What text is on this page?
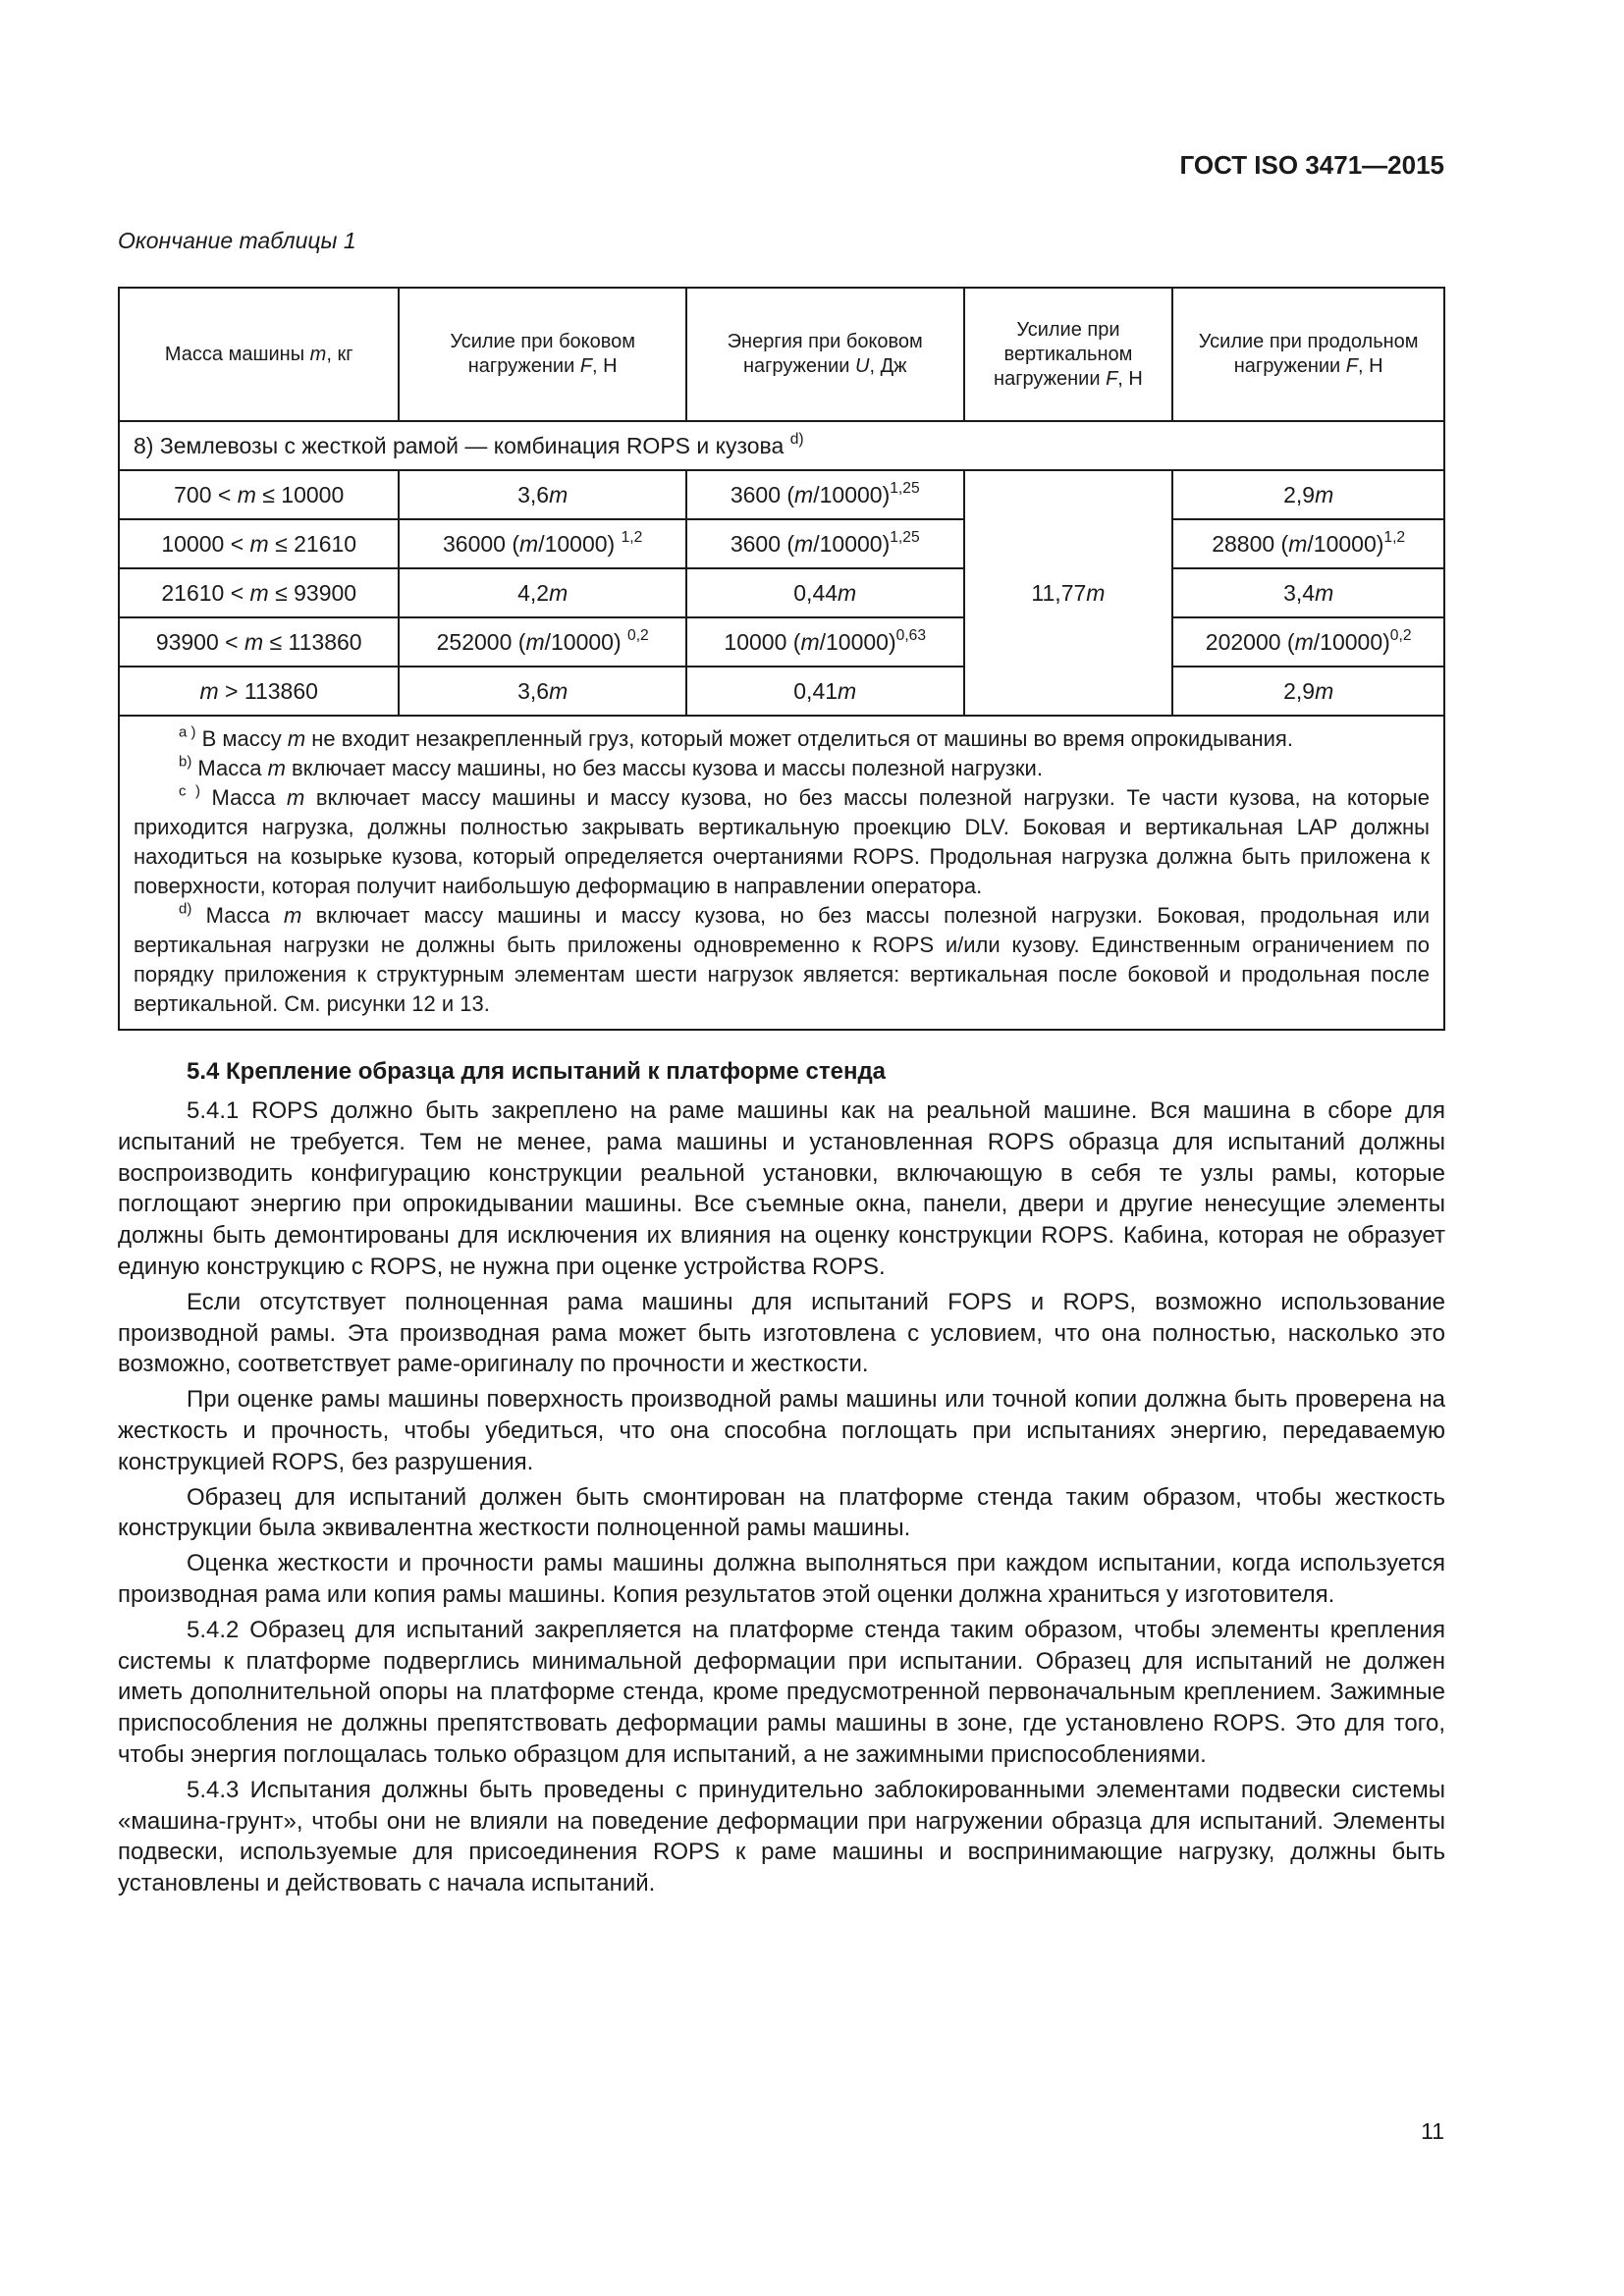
ГОСТ ISO 3471—2015
Окончание таблицы 1
Масса машины m, кг	Усилие при боковом нагружении F, Н	Энергия при боковом нагружении U, Дж	Усилие при вертикальном нагружении F, Н	Усилие при продольном нагружении F, Н
8) Землевозы с жесткой рамой — комбинация ROPS и кузова $^{d)}$
700 < m ≤ 10000	3,6m	3600 $(m/10000)^{1,25}$	11,77m	2,9m
10000 < m ≤ 21610	36000 (m/10000) $^{1,2}$	3600 $(m/10000)^{1,25}$		28800 $(m/10000)^{1,2}$
21610 < m ≤ 93900	4,2m	0,44m		3,4m
93900 < m ≤ 113860	252000 (m/10000) $^{0,2}$	10000 $(m/10000)^{0,63}$		202000 $(m/10000)^{0,2}$
m > 113860	3,6m	0,41m		2,9m

$^{а )}$ В массу m не входит незакрепленный груз, который может отделиться от машины во время опрокидывания.

$^{b)}$ Масса m включает массу машины, но без массы кузова и массы полезной нагрузки.

$^{с )}$ Масса m включает массу машины и массу кузова, но без массы полезной нагрузки. Те части кузова, на которые приходится нагрузка, должны полностью закрывать вертикальную проекцию DLV. Боковая и вертикальная LAP должны находиться на козырьке кузова, который определяется очертаниями ROPS. Продольная нагрузка должна быть приложена к поверхности, которая получит наибольшую деформацию в направлении оператора.

$^{d)}$ Масса m включает массу машины и массу кузова, но без массы полезной нагрузки. Боковая, продольная или вертикальная нагрузки не должны быть приложены одновременно к ROPS и/или кузову. Единственным ограничением по порядку приложения к структурным элементам шести нагрузок является: вертикальная после боковой и продольная после вертикальной. См. рисунки 12 и 13.				

5.4 Крепление образца для испытаний к платформе стенда

5.4.1 ROPS должно быть закреплено на раме машины как на реальной машине. Вся машина в сборе для испытаний не требуется. Тем не менее, рама машины и установленная ROPS образца для испытаний должны воспроизводить конфигурацию конструкции реальной установки, включающую в себя те узлы рамы, которые поглощают энергию при опрокидывании машины. Все съемные окна, панели, двери и другие ненесущие элементы должны быть демонтированы для исключения их влияния на оценку конструкции ROPS. Кабина, которая не образует единую конструкцию с ROPS, не нужна при оценке устройства ROPS.

Если отсутствует полноценная рама машины для испытаний FOPS и ROPS, возможно использование производной рамы. Эта производная рама может быть изготовлена с условием, что она полностью, насколько это возможно, соответствует раме-оригиналу по прочности и жесткости.

При оценке рамы машины поверхность производной рамы машины или точной копии должна быть проверена на жесткость и прочность, чтобы убедиться, что она способна поглощать при испытаниях энергию, передаваемую конструкцией ROPS, без разрушения.

Образец для испытаний должен быть смонтирован на платформе стенда таким образом, чтобы жесткость конструкции была эквивалентна жесткости полноценной рамы машины.

Оценка жесткости и прочности рамы машины должна выполняться при каждом испытании, когда используется производная рама или копия рамы машины. Копия результатов этой оценки должна храниться у изготовителя.

5.4.2 Образец для испытаний закрепляется на платформе стенда таким образом, чтобы элементы крепления системы к платформе подверглись минимальной деформации при испытании. Образец для испытаний не должен иметь дополнительной опоры на платформе стенда, кроме предусмотренной первоначальным креплением. Зажимные приспособления не должны препятствовать деформации рамы машины в зоне, где установлено ROPS. Это для того, чтобы энергия поглощалась только образцом для испытаний, а не зажимными приспособлениями.

5.4.3 Испытания должны быть проведены с принудительно заблокированными элементами подвески системы «машина-грунт», чтобы они не влияли на поведение деформации при нагружении образца для испытаний. Элементы подвески, используемые для присоединения ROPS к раме машины и воспринимающие нагрузку, должны быть установлены и действовать с начала испытаний.

11
